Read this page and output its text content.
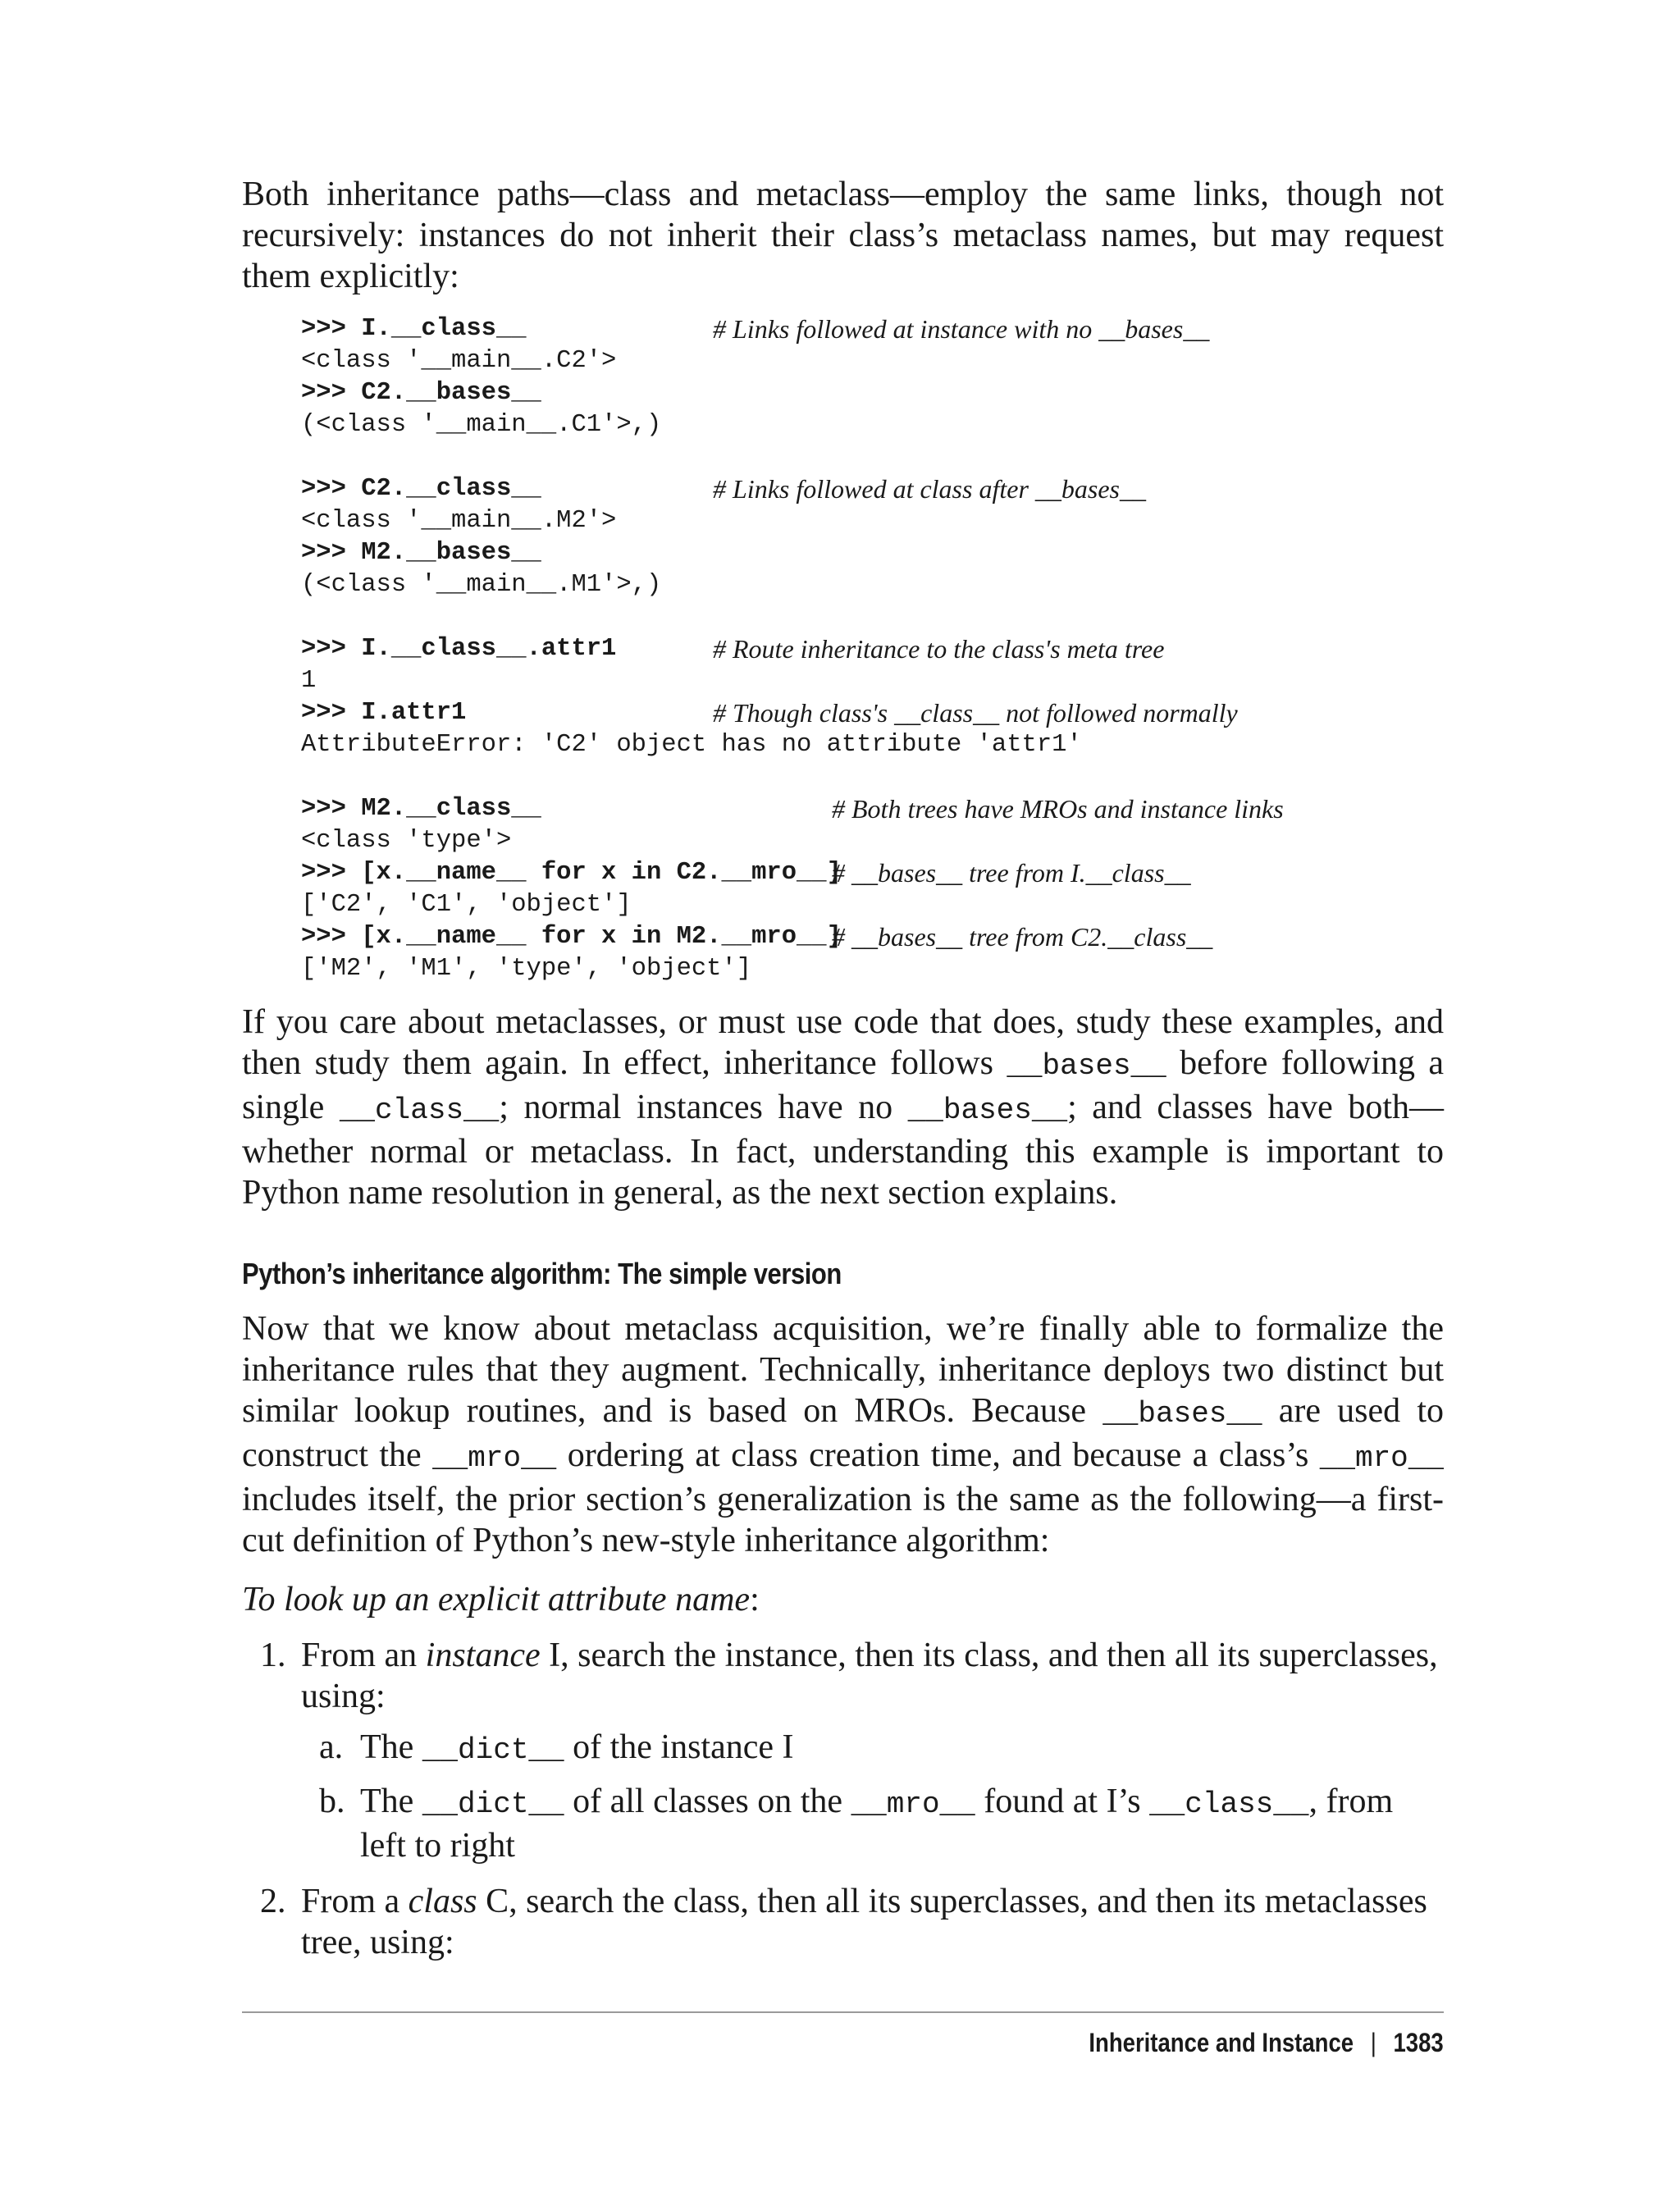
Both inheritance paths—class and metaclass—employ the same links, though not recursively: instances do not inherit their class’s metaclass names, but may request them explicitly:

>>> I.__class__	# Links followed at instance with no __bases__
<class '__main__.C2'>
>>> C2.__bases__
(<class '__main__.C1'>,)
>>> C2.__class__	# Links followed at class after __bases__
<class '__main__.M2'>
>>> M2.__bases__
(<class '__main__.M1'>,)
>>> I.__class__.attr1	# Route inheritance to the class's meta tree
1
>>> I.attr1	# Though class's __class__ not followed normally
AttributeError: 'C2' object has no attribute 'attr1'
>>> M2.__class__	# Both trees have MROs and instance links
<class 'type'>
>>> [x.__name__ for x in C2.__mro__]
# __bases__ tree from I.__class__
['C2', 'C1', 'object']
>>> [x.__name__ for x in M2.__mro__]
# __bases__ tree from C2.__class__
['M2', 'M1', 'type', 'object']

If you care about metaclasses, or must use code that does, study these examples, and then study them again. In effect, inheritance follows __bases__ before following a single __class__; normal instances have no __bases__; and classes have both—whether normal or metaclass. In fact, understanding this example is important to Python name resolution in general, as the next section explains.

Python’s inheritance algorithm: The simple version

Now that we know about metaclass acquisition, we’re finally able to formalize the inheritance rules that they augment. Technically, inheritance deploys two distinct but similar lookup routines, and is based on MROs. Because __bases__ are used to construct the __mro__ ordering at class creation time, and because a class’s __mro__ includes itself, the prior section’s generalization is the same as the following—a first-cut definition of Python’s new-style inheritance algorithm:

To look up an explicit attribute name:

1. From an instance I, search the instance, then its class, and then all its superclasses, using:
a. The __dict__ of the instance I
b. The __dict__ of all classes on the __mro__ found at I’s __class__, from left to right
2. From a class C, search the class, then all its superclasses, and then its metaclasses tree, using:
Inheritance and Instance | 1383
